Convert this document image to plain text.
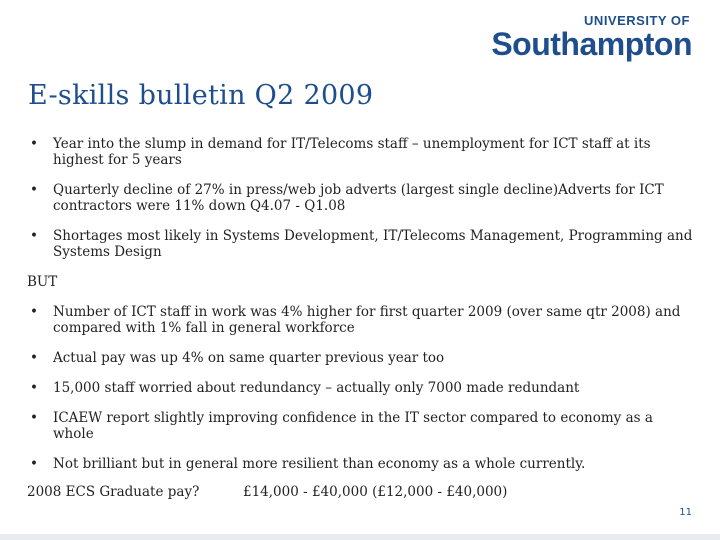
UNIVERSITY OF
Southampton
E-skills bulletin Q2 2009
• Year into the slump in demand for IT/Telecoms staff – unemployment for ICT staff at its highest for 5 years
• Quarterly decline of 27% in press/web job adverts (largest single decline)Adverts for ICT contractors were 11% down Q4.07 - Q1.08
• Shortages most likely in Systems Development, IT/Telecoms Management, Programming and Systems Design
BUT
• Number of ICT staff in work was 4% higher for first quarter 2009 (over same qtr 2008) and compared with 1% fall in general workforce
• Actual pay was up 4% on same quarter previous year too
• 15,000 staff worried about redundancy – actually only 7000 made redundant
• ICAEW report slightly improving confidence in the IT sector compared to economy as a whole
• Not brilliant but in general more resilient than economy as a whole currently.
2008 ECS Graduate pay?	£14,000 - £40,000 (£12,000 - £40,000)
11
